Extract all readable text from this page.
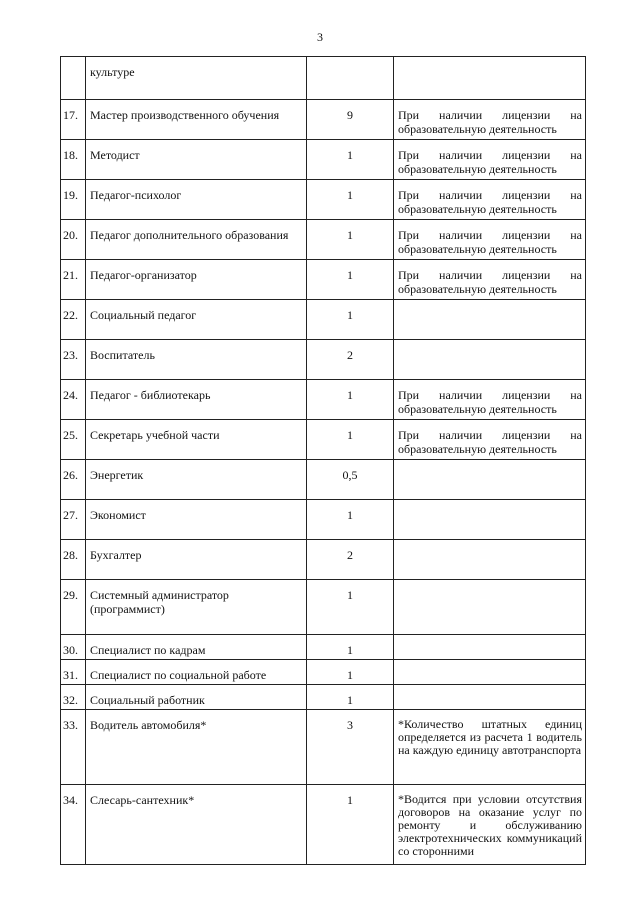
3
	культуре		
17.	Мастер производственного обучения	9	При наличии лицензии на образовательную деятельность
18.	Методист	1	При наличии лицензии на образовательную деятельность
19.	Педагог-психолог	1	При наличии лицензии на образовательную деятельность
20.	Педагог дополнительного образования	1	При наличии лицензии на образовательную деятельность
21.	Педагог-организатор	1	При наличии лицензии на образовательную деятельность
22.	Социальный педагог	1	
23.	Воспитатель	2	
24.	Педагог - библиотекарь	1	При наличии лицензии на образовательную деятельность
25.	Секретарь учебной части	1	При наличии лицензии на образовательную деятельность
26.	Энергетик	0,5	
27.	Экономист	1	
28.	Бухгалтер	2	
29.	Системный администратор (программист)	1	
30.	Специалист по кадрам	1	
31.	Специалист по социальной работе	1	
32.	Социальный работник	1	
33.	Водитель автомобиля*	3	*Количество штатных единиц определяется из расчета 1 водитель на каждую единицу автотранспорта
34.	Слесарь-сантехник*	1	*Водится при условии отсутствия договоров на оказание услуг по ремонту и обслуживанию электротехнических коммуникаций со сторонними
